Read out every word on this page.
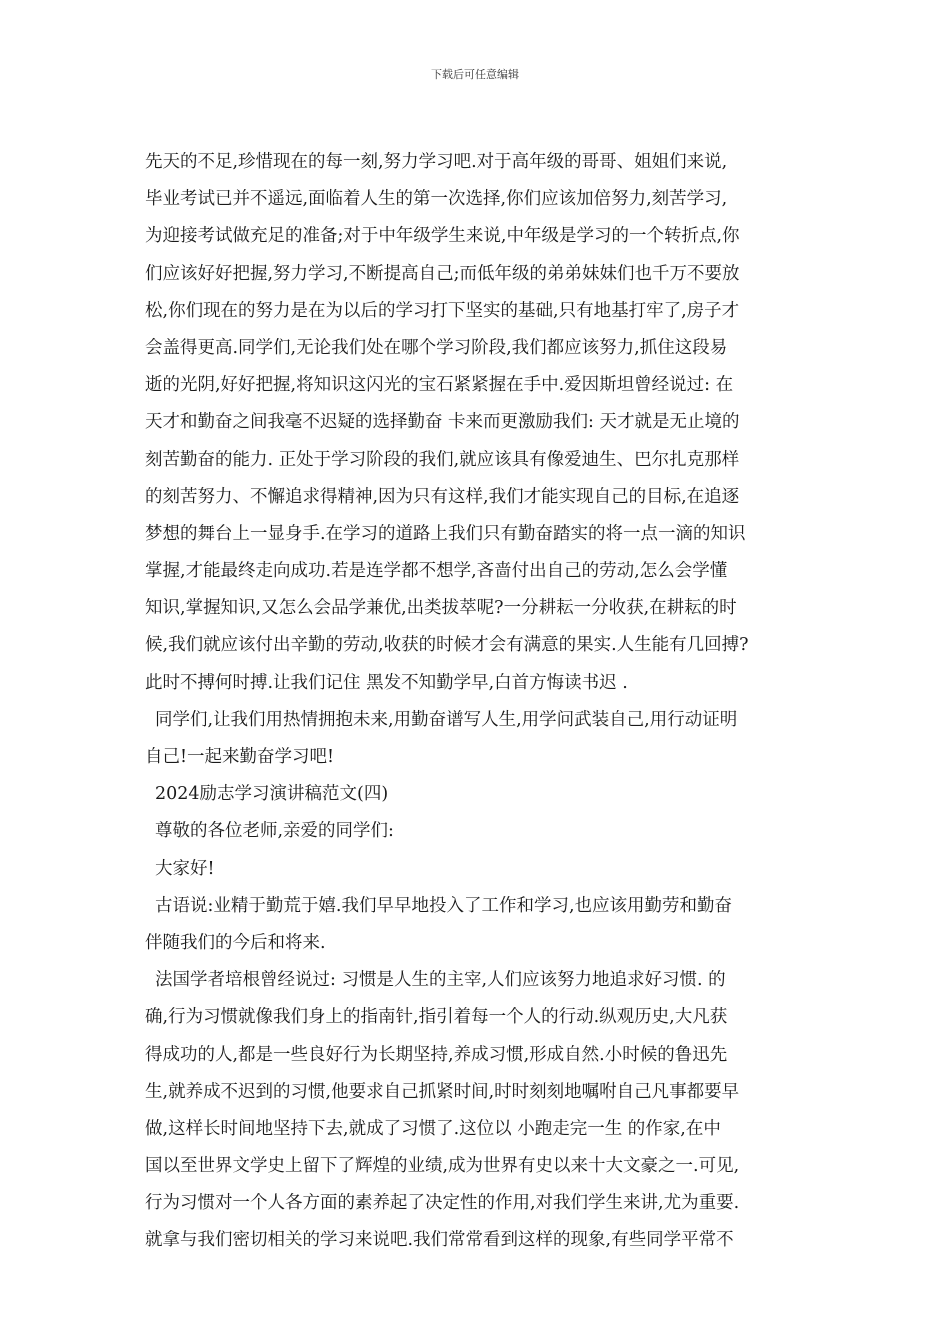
下载后可任意编辑
先天的不足,珍惜现在的每一刻,努力学习吧.对于高年级的哥哥、姐姐们来说,
毕业考试已并不遥远,面临着人生的第一次选择,你们应该加倍努力,刻苦学习,
为迎接考试做充足的准备;对于中年级学生来说,中年级是学习的一个转折点,你
们应该好好把握,努力学习,不断提高自己;而低年级的弟弟妹妹们也千万不要放
松,你们现在的努力是在为以后的学习打下坚实的基础,只有地基打牢了,房子才
会盖得更高.同学们,无论我们处在哪个学习阶段,我们都应该努力,抓住这段易
逝的光阴,好好把握,将知识这闪光的宝石紧紧握在手中.爱因斯坦曾经说过: 在
天才和勤奋之间我毫不迟疑的选择勤奋 卡来而更激励我们: 天才就是无止境的
刻苦勤奋的能力. 正处于学习阶段的我们,就应该具有像爱迪生、巴尔扎克那样
的刻苦努力、不懈追求得精神,因为只有这样,我们才能实现自己的目标,在追逐
梦想的舞台上一显身手.在学习的道路上我们只有勤奋踏实的将一点一滴的知识
掌握,才能最终走向成功.若是连学都不想学,吝啬付出自己的劳动,怎么会学懂
知识,掌握知识,又怎么会品学兼优,出类拔萃呢?一分耕耘一分收获,在耕耘的时
候,我们就应该付出辛勤的劳动,收获的时候才会有满意的果实.人生能有几回搏?
此时不搏何时搏.让我们记住 黑发不知勤学早,白首方悔读书迟 .
同学们,让我们用热情拥抱未来,用勤奋谱写人生,用学问武装自己,用行动证明
自己!一起来勤奋学习吧!
2024励志学习演讲稿范文(四)
尊敬的各位老师,亲爱的同学们:
大家好!
古语说:业精于勤荒于嬉.我们早早地投入了工作和学习,也应该用勤劳和勤奋
伴随我们的今后和将来.
法国学者培根曾经说过: 习惯是人生的主宰,人们应该努力地追求好习惯. 的
确,行为习惯就像我们身上的指南针,指引着每一个人的行动.纵观历史,大凡获
得成功的人,都是一些良好行为长期坚持,养成习惯,形成自然.小时候的鲁迅先
生,就养成不迟到的习惯,他要求自己抓紧时间,时时刻刻地嘱咐自己凡事都要早
做,这样长时间地坚持下去,就成了习惯了.这位以 小跑走完一生 的作家,在中
国以至世界文学史上留下了辉煌的业绩,成为世界有史以来十大文豪之一.可见,
行为习惯对一个人各方面的素养起了决定性的作用,对我们学生来讲,尤为重要.
就拿与我们密切相关的学习来说吧.我们常常看到这样的现象,有些同学平常不
